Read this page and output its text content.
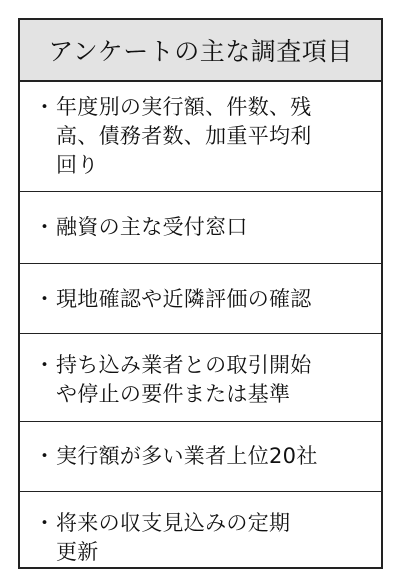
アンケートの主な調査項目
・ 年度別の実行額、件数、残
高、債務者数、加重平均利
回り
・ 融資の主な受付窓口
・ 現地確認や近隣評価の確認
・ 持ち込み業者との取引開始
や停止の要件または基準
・ 実行額が多い業者上位20社
・ 将来の収支見込みの定期
更新
